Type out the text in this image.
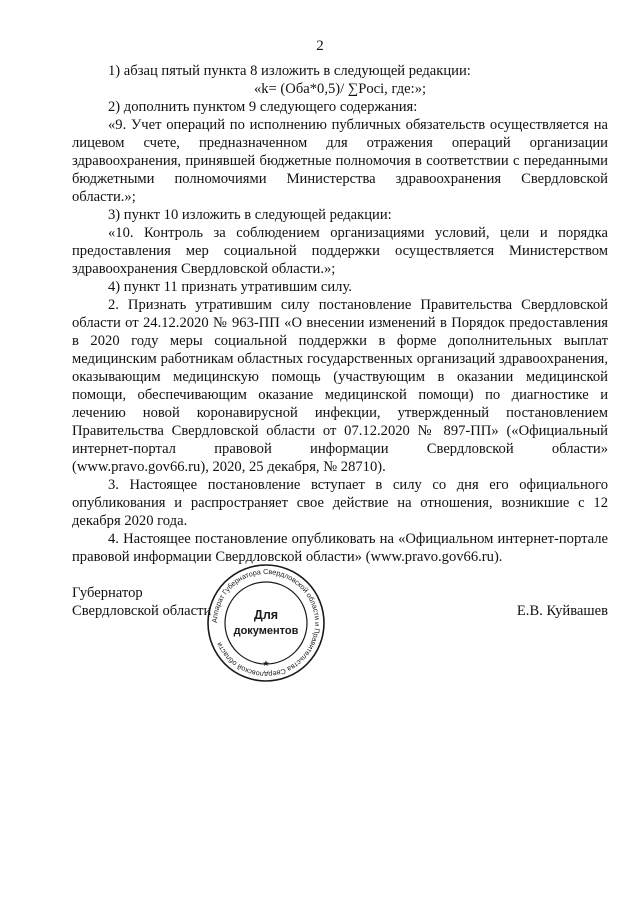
2

1) абзац пятый пункта 8 изложить в следующей редакции:

«k= (Оба*0,5)/ ∑Pоci, где:»;

2) дополнить пунктом 9 следующего содержания:

«9. Учет операций по исполнению публичных обязательств осуществляется на лицевом счете, предназначенном для отражения операций организации здравоохранения, принявшей бюджетные полномочия в соответствии с переданными бюджетными полномочиями Министерства здравоохранения Свердловской области.»;

3) пункт 10 изложить в следующей редакции:

«10. Контроль за соблюдением организациями условий, цели и порядка предоставления мер социальной поддержки осуществляется Министерством здравоохранения Свердловской области.»;

4) пункт 11 признать утратившим силу.

2. Признать утратившим силу постановление Правительства Свердловской области от 24.12.2020 № 963-ПП «О внесении изменений в Порядок предоставления в 2020 году меры социальной поддержки в форме дополнительных выплат медицинским работникам областных государственных организаций здравоохранения, оказывающим медицинскую помощь (участвующим в оказании медицинской помощи, обеспечивающим оказание медицинской помощи) по диагностике и лечению новой коронавирусной инфекции, утвержденный постановлением Правительства Свердловской области от 07.12.2020 № 897-ПП» («Официальный интернет-портал правовой информации Свердловской области» (www.pravo.gov66.ru), 2020, 25 декабря, № 28710).

3. Настоящее постановление вступает в силу со дня его официального опубликования и распространяет свое действие на отношения, возникшие с 12 декабря 2020 года.

4. Настоящее постановление опубликовать на «Официальном интернет-портале правовой информации Свердловской области» (www.pravo.gov66.ru).

Губернатор
Свердловской области	Е.В. Куйвашев
Аппарат Губернатора Свердловской области и Правительства Свердловской области
Для
документов
★
